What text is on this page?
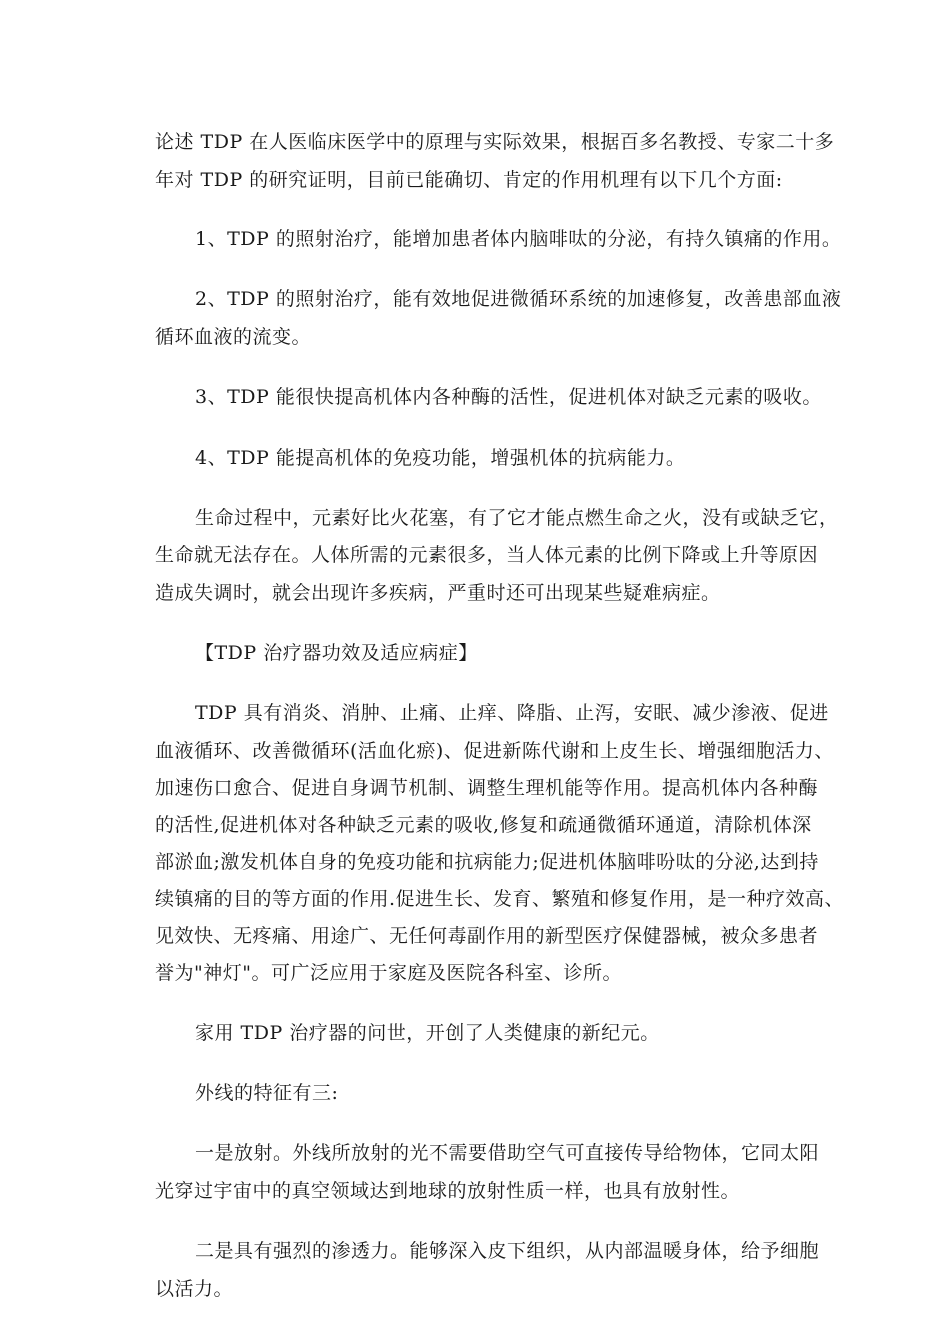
论述 TDP 在人医临床医学中的原理与实际效果，根据百多名教授、专家二十多
年对 TDP 的研究证明，目前已能确切、肯定的作用机理有以下几个方面:
1、TDP 的照射治疗，能增加患者体内脑啡呔的分泌，有持久镇痛的作用。
2、TDP 的照射治疗，能有效地促进微循环系统的加速修复，改善患部血液
循环血液的流变。
3、TDP 能很快提高机体内各种酶的活性，促进机体对缺乏元素的吸收。
4、TDP 能提高机体的免疫功能，增强机体的抗病能力。
生命过程中，元素好比火花塞，有了它才能点燃生命之火，没有或缺乏它，
生命就无法存在。人体所需的元素很多，当人体元素的比例下降或上升等原因
造成失调时，就会出现许多疾病，严重时还可出现某些疑难病症。
【TDP 治疗器功效及适应病症】
TDP 具有消炎、消肿、止痛、止痒、降脂、止泻，安眠、减少渗液、促进
血液循环、改善微循环(活血化瘀)、促进新陈代谢和上皮生长、增强细胞活力、
加速伤口愈合、促进自身调节机制、调整生理机能等作用。提高机体内各种酶
的活性,促进机体对各种缺乏元素的吸收,修复和疏通微循环通道，清除机体深
部淤血;激发机体自身的免疫功能和抗病能力;促进机体脑啡吩呔的分泌,达到持
续镇痛的目的等方面的作用.促进生长、发育、繁殖和修复作用，是一种疗效高、
见效快、无疼痛、用途广、无任何毒副作用的新型医疗保健器械，被众多患者
誉为"神灯"。可广泛应用于家庭及医院各科室、诊所。
家用 TDP 治疗器的问世，开创了人类健康的新纪元。
外线的特征有三:
一是放射。外线所放射的光不需要借助空气可直接传导给物体，它同太阳
光穿过宇宙中的真空领域达到地球的放射性质一样，也具有放射性。
二是具有强烈的渗透力。能够深入皮下组织，从内部温暖身体，给予细胞
以活力。
